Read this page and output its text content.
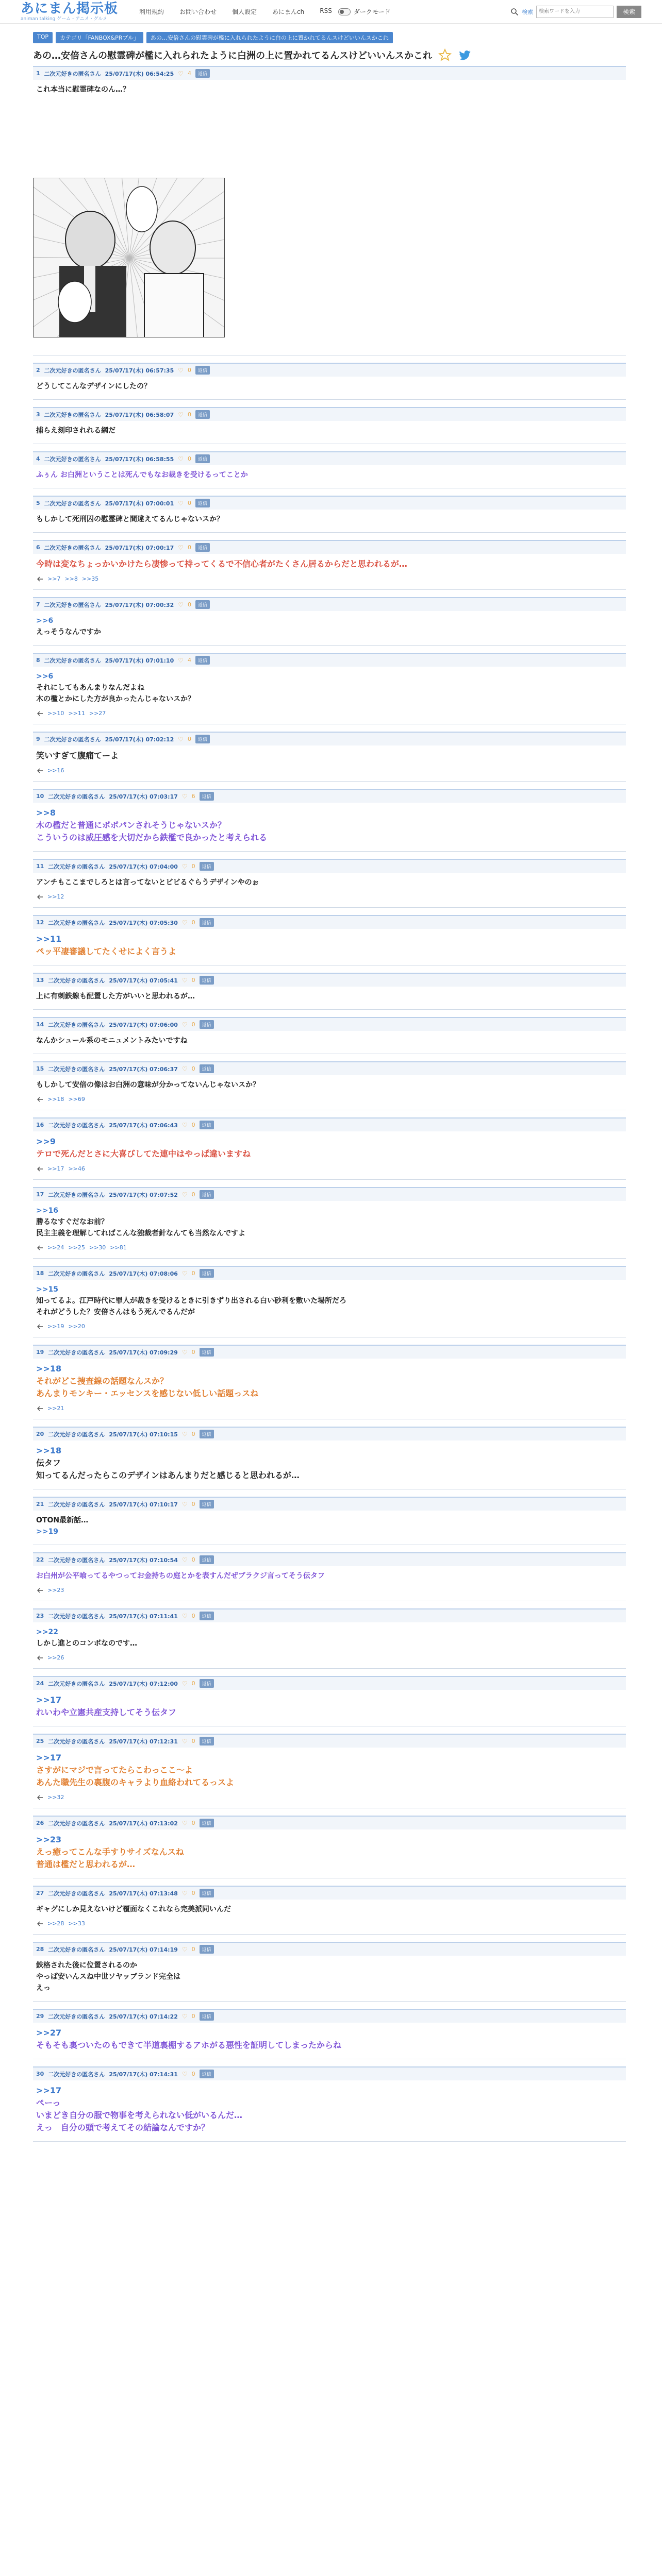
あにまん掲示板
animan talking ゲーム・アニメ・グルメ
利用規約	お問い合わせ	個人設定	あにまんch	RSS	ダークモード	検索
検索ワードを入力	検索
TOP	カテゴリ「FANBOX&PRプル」	あの…安倍さんの慰霊碑が檻に入れられたように白の上に置かれてるんスけどいいんスかこれ
あの…安倍さんの慰霊碑が檻に入れられたように白洲の上に置かれてるんスけどいいんスかこれ
1 二次元好きの匿名さん 25/07/17(木) 06:54:25 ♡ 4	返信
これ本当に慰霊碑なのん…？
2 二次元好きの匿名さん 25/07/17(木) 06:57:35 ♡ 0	返信
どうしてこんなデザインにしたの？
3 二次元好きの匿名さん 25/07/17(木) 06:58:07 ♡ 0	返信
捕らえ刻印されれる網だ
4 二次元好きの匿名さん 25/07/17(木) 06:58:55 ♡ 0	返信
ふぅん お白洲ということは死んでもなお裁きを受けるってことか
5 二次元好きの匿名さん 25/07/17(木) 07:00:01 ♡ 0	返信
もしかして死刑囚の慰霊碑と間違えてるんじゃないスか？
6 二次元好きの匿名さん 25/07/17(木) 07:00:17 ♡ 0	返信
今時は変なちょっかいかけたら凄惨って持ってくるで不信心者がたくさん居るからだと思われるが…
>>7 >>8 >>35
7 二次元好きの匿名さん 25/07/17(木) 07:00:32 ♡ 0	返信
>>6
えっそうなんですか
8 二次元好きの匿名さん 25/07/17(木) 07:01:10 ♡ 4	返信
>>6
それにしてもあんまりなんだよね
木の檻とかにした方が良かったんじゃないスか？
>>10 >>11 >>27
9 二次元好きの匿名さん 25/07/17(木) 07:02:12 ♡ 0	返信
笑いすぎて腹痛てーよ
>>16
10 二次元好きの匿名さん 25/07/17(木) 07:03:17 ♡ 6	返信
>>8
木の檻だと普通にボボパンされそうじゃないスか？
こういうのは威圧感を大切だから鉄檻で良かったと考えられる
11 二次元好きの匿名さん 25/07/17(木) 07:04:00 ♡ 0	返信
アンチもここまでしろとは言ってないとビビるぐらうデザインやのぉ
>>12
12 二次元好きの匿名さん 25/07/17(木) 07:05:30 ♡ 0	返信
>>11
ペッ平凄審議してたくせによく言うよ
13 二次元好きの匿名さん 25/07/17(木) 07:05:41 ♡ 0	返信
上に有刺鉄線も配置した方がいいと思われるが…
14 二次元好きの匿名さん 25/07/17(木) 07:06:00 ♡ 0	返信
なんかシュール系のモニュメントみたいですね
15 二次元好きの匿名さん 25/07/17(木) 07:06:37 ♡ 0	返信
もしかして安倍の像はお白洲の意味が分かってないんじゃないスか？
>>18 >>69
16 二次元好きの匿名さん 25/07/17(木) 07:06:43 ♡ 0	返信
>>9
テロで死んだとさに大喜びしてた連中はやっぱ違いますね
>>17 >>46
17 二次元好きの匿名さん 25/07/17(木) 07:07:52 ♡ 0	返信
>>16
勝るなすぐだなお前？
民主主義を理解してればこんな独裁者針なんても当然なんですよ
>>24 >>25 >>30 >>81
18 二次元好きの匿名さん 25/07/17(木) 07:08:06 ♡ 0	返信
>>15
知ってるよ。江戸時代に罪人が裁きを受けるときに引きずり出される白い砂利を敷いた場所だろ
それがどうした？安倍さんはもう死んでるんだが
>>19 >>20
19 二次元好きの匿名さん 25/07/17(木) 07:09:29 ♡ 0	返信
>>18
それがどこ捜査線の話題なんスか？
あんまりモンキー・エッセンスを感じない低しい話題っスね
>>21
20 二次元好きの匿名さん 25/07/17(木) 07:10:15 ♡ 0	返信
>>18
伝タフ
知ってるんだったらこのデザインはあんまりだと感じると思われるが…
21 二次元好きの匿名さん 25/07/17(木) 07:10:17 ♡ 0	返信
OTON最新話…
>>19
22 二次元好きの匿名さん 25/07/17(木) 07:10:54 ♡ 0	返信
お白州が公平喰ってるやつってお金持ちの庭とかを表すんだぜブラクジ言ってそう伝タフ
>>23
23 二次元好きの匿名さん 25/07/17(木) 07:11:41 ♡ 0	返信
>>22
しかし進とのコンボなのです…
>>26
24 二次元好きの匿名さん 25/07/17(木) 07:12:00 ♡ 0	返信
>>17
れいわや立憲共産支持してそう伝タフ
25 二次元好きの匿名さん 25/07/17(木) 07:12:31 ♡ 0	返信
>>17
さすがにマジで言ってたらこわっここ～よ
あんた職先生の裏腹のキャラより血絡われてるっスよ
>>32
26 二次元好きの匿名さん 25/07/17(木) 07:13:02 ♡ 0	返信
>>23
えっ癒ってこんな手すりサイズなんスね
普通は檻だと思われるが…
27 二次元好きの匿名さん 25/07/17(木) 07:13:48 ♡ 0	返信
ギャグにしか見えないけど覆面なくこれなら完美派同いんだ
>>28 >>33
28 二次元好きの匿名さん 25/07/17(木) 07:14:19 ♡ 0	返信
鉄格された後に位置されるのか
やっぱ安いんスね中世ソヤッブランド完全は
えっ
29 二次元好きの匿名さん 25/07/17(木) 07:14:22 ♡ 0	返信
>>27
そもそも裏ついたのもできて半道裏棚するアホがる悪性を証明してしまったからね
30 二次元好きの匿名さん 25/07/17(木) 07:14:31 ♡ 0	返信
>>17
ぺーっ
いまどき自分の服で物事を考えられない低がいるんだ…
えっ　自分の頭で考えてその結論なんですか？
